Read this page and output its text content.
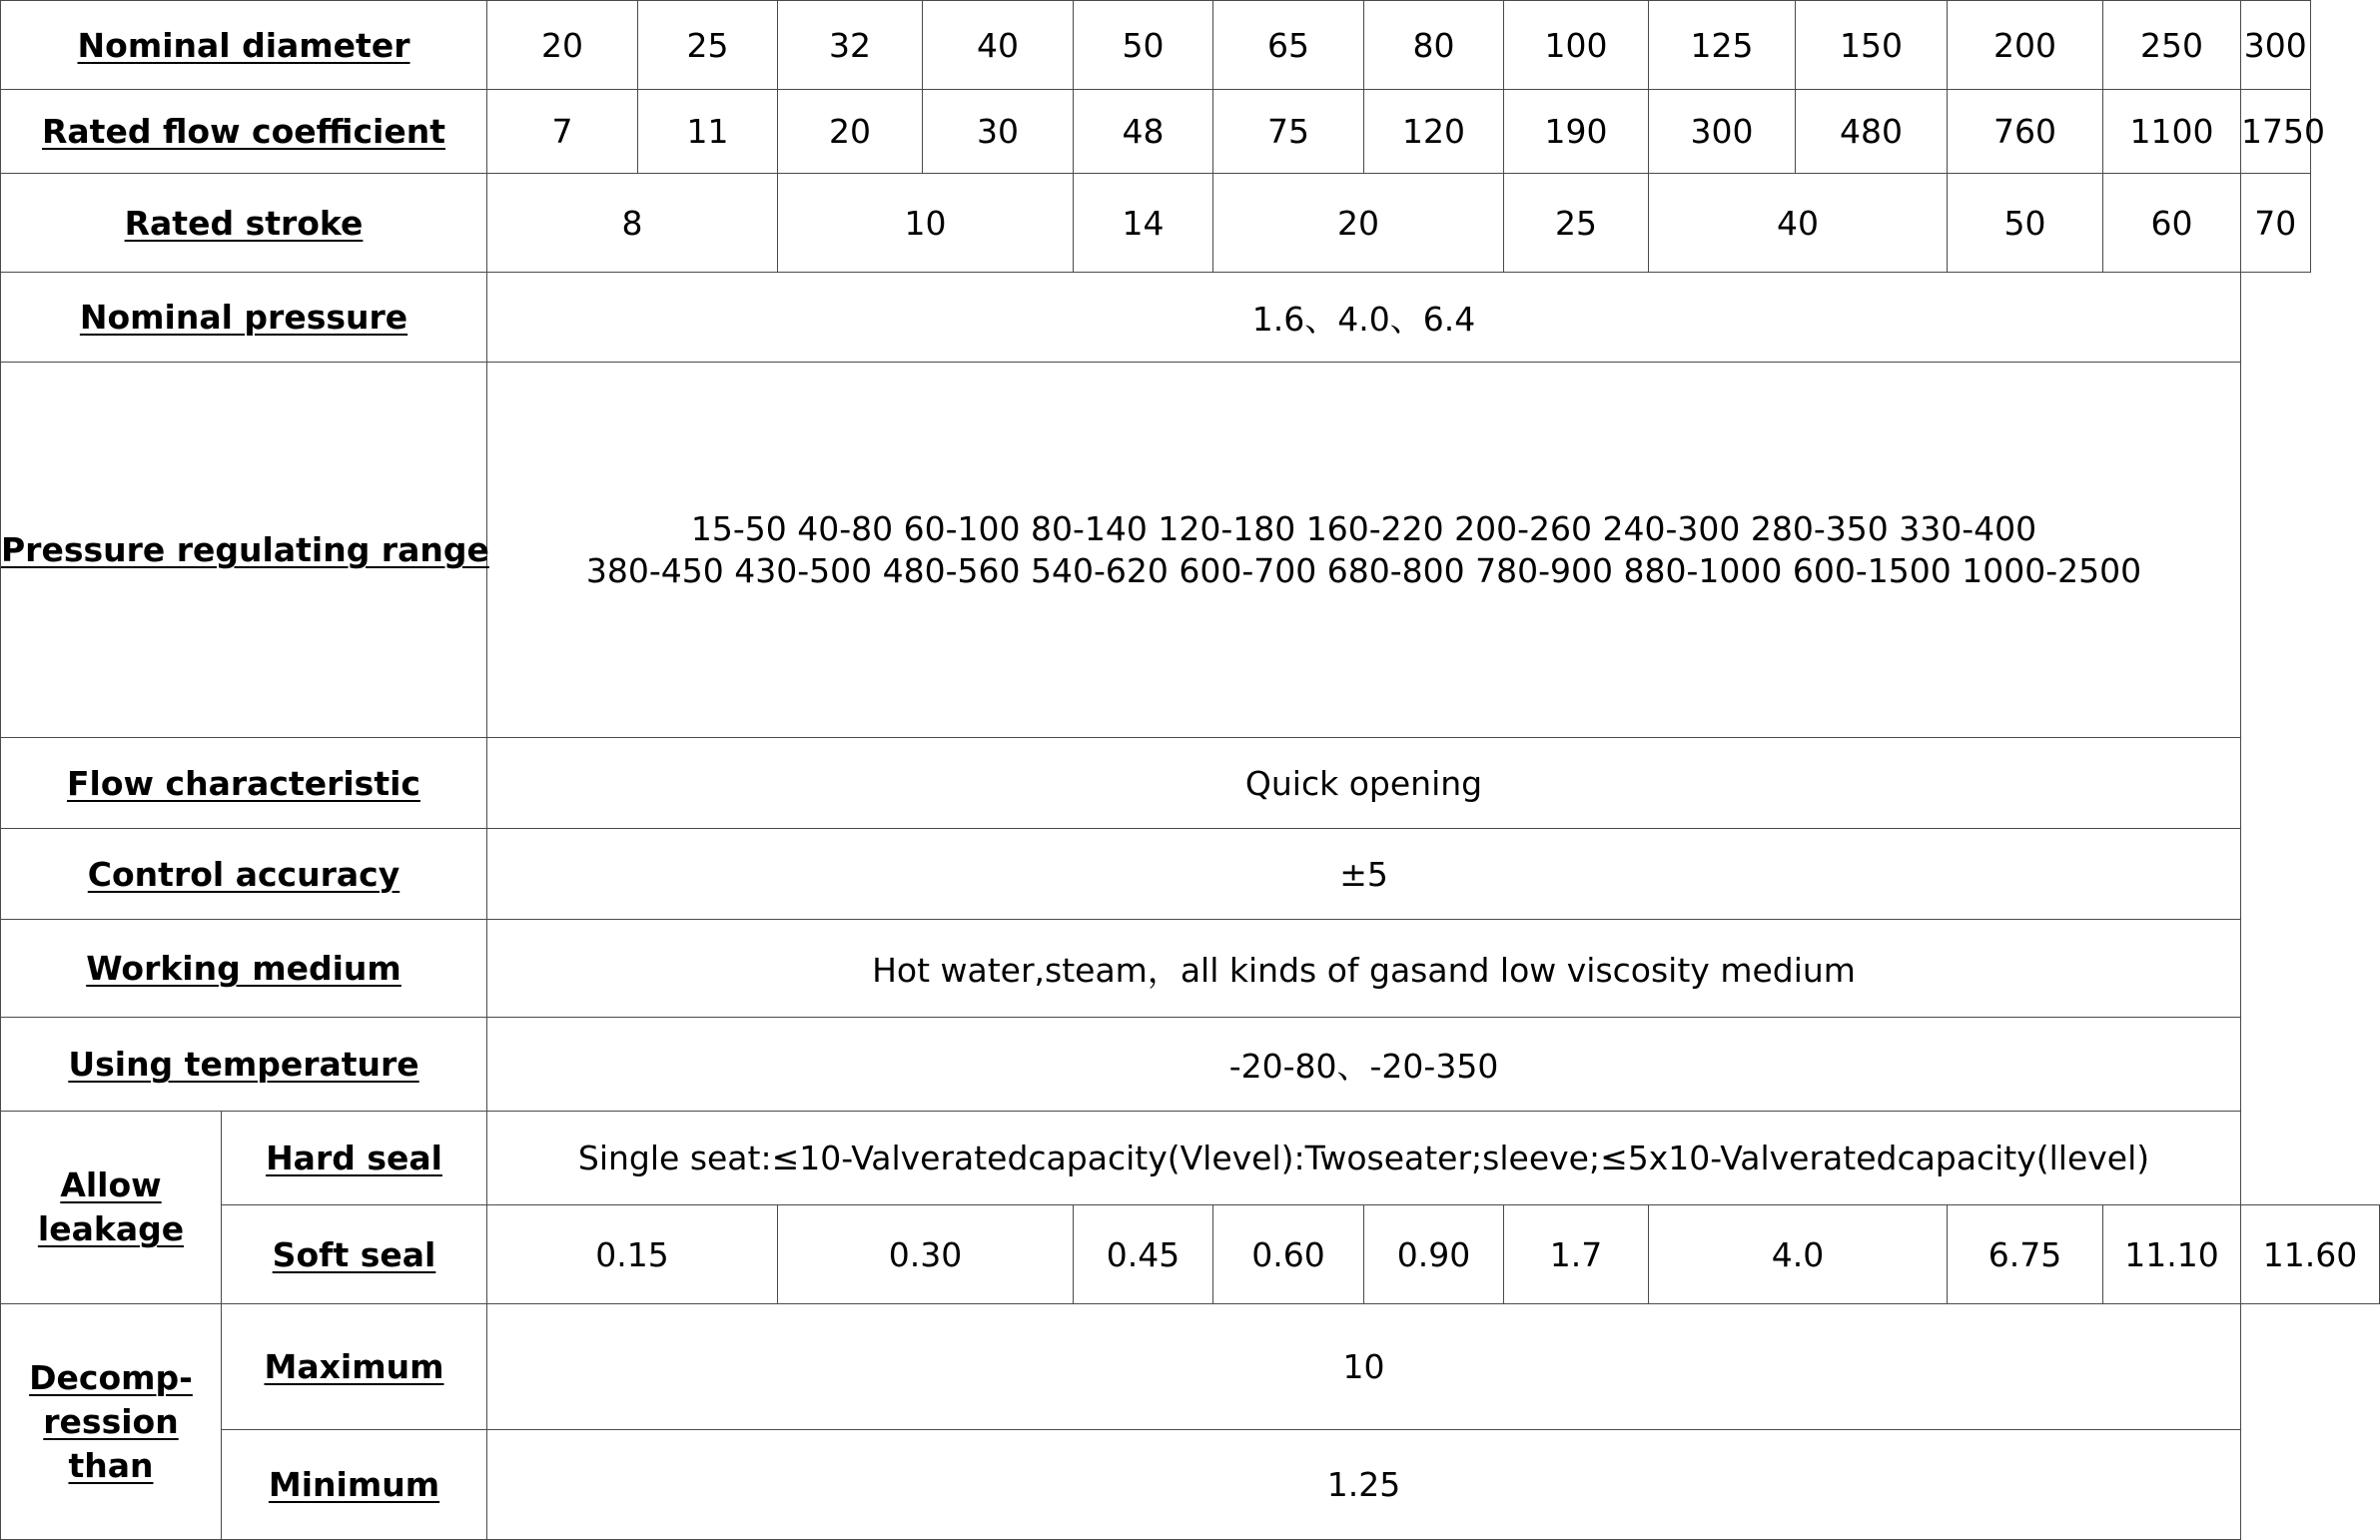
Nominal diameter		20	25	32	40	50	65	80	100	125	150	200	250	300
Rated flow coefficient		7	11	20	30	48	75	120	190	300	480	760	1100	1750
Rated stroke		8		10		14	20		25	40		50	60	70
Nominal pressure		1.6、4.0、6.4												
Pressure regulating range		15-50 40-80 60-100 80-140 120-180 160-220 200-260 240-300 280-350 330-400
380-450 430-500 480-560 540-620 600-700 680-800 780-900 880-1000 600-1500 1000-2500												

Flow characteristic		Quick opening												
Control accuracy		±5												
Working medium		Hot water,steam，all kinds of gasand low viscosity medium												
Using temperature		-20-80、-20-350												

Allow
leakage	Hard seal	Single seat:≤10-Valveratedcapacity(Vlevel):Twoseater;sleeve;≤5x10-Valveratedcapacity(llevel)												
	Soft seal	0.15		0.30		0.45	0.60	0.90	1.7	4.0		6.75	11.10	11.60

Decomp-
ression than	Maximum	10												
	Minimum	1.25												
